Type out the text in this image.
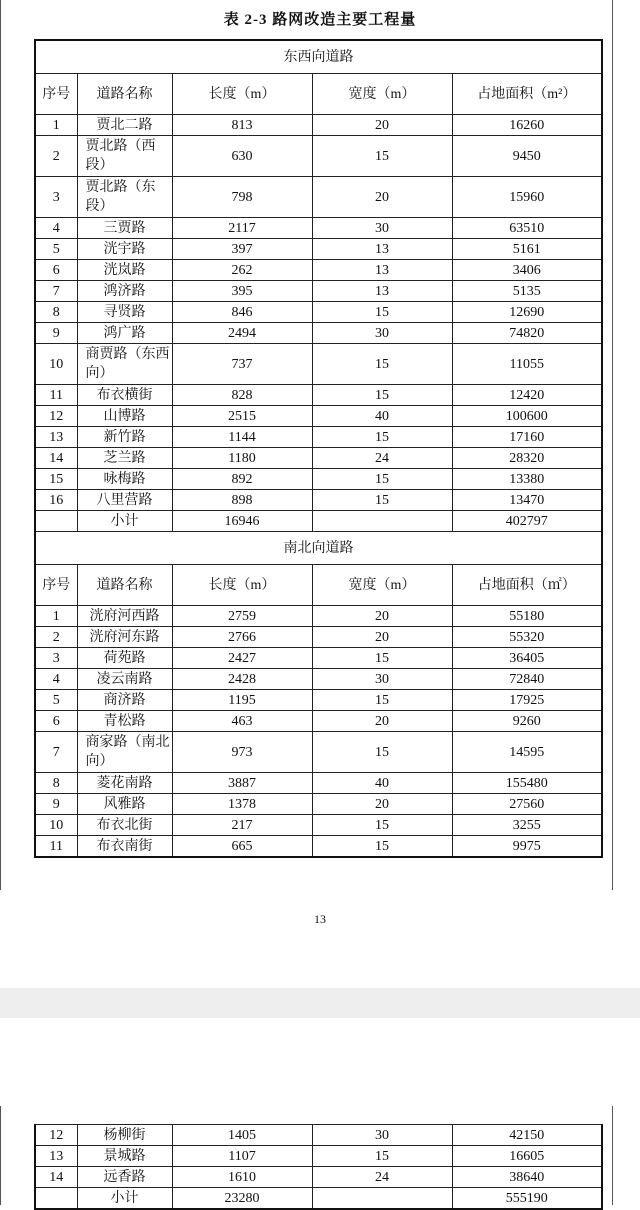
表 2-3 路网改造主要工程量
东西向道路				
序号	道路名称	长度（m）	宽度（m）	占地面积（m²）
1	贾北二路	813	20	16260
2	贾北路（西段）	630	15	9450
3	贾北路（东段）	798	20	15960
4	三贾路	2117	30	63510
5	洸宇路	397	13	5161
6	洸岚路	262	13	3406
7	鸿济路	395	13	5135
8	寻贤路	846	15	12690
9	鸿广路	2494	30	74820
10	商贾路（东西向）	737	15	11055
11	布衣横街	828	15	12420
12	山博路	2515	40	100600
13	新竹路	1144	15	17160
14	芝兰路	1180	24	28320
15	咏梅路	892	15	13380
16	八里营路	898	15	13470
	小计	16946		402797
南北向道路				
序号	道路名称	长度（m）	宽度（m）	占地面积（㎡）
1	洸府河西路	2759	20	55180
2	洸府河东路	2766	20	55320
3	荷苑路	2427	15	36405
4	凌云南路	2428	30	72840
5	商济路	1195	15	17925
6	青松路	463	20	9260
7	商家路（南北向）	973	15	14595
8	菱花南路	3887	40	155480
9	风雅路	1378	20	27560
10	布衣北街	217	15	3255
11	布衣南街	665	15	9975
13
12	杨柳街	1405	30	42150
13	景城路	1107	15	16605
14	远香路	1610	24	38640
	小计	23280		555190
